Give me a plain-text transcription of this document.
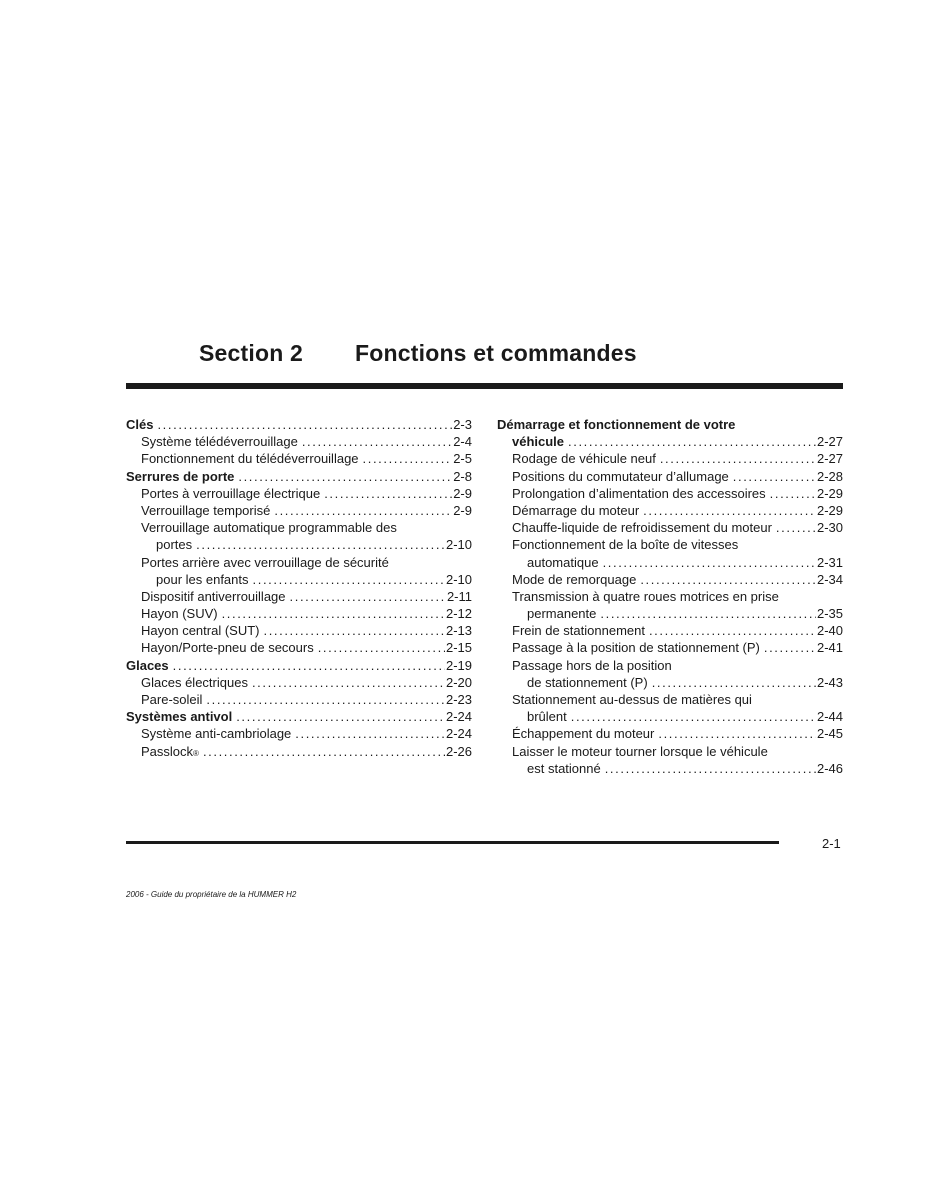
Section 2 Fonctions et commandes
Clés .....	2-3
Système télédéverrouillage .....	2-4
Fonctionnement du télédéverrouillage .....	2-5
Serrures de porte .....	2-8
Portes à verrouillage électrique .....	2-9
Verrouillage temporisé .....	2-9
Verrouillage automatique programmable des
portes .....	2-10
Portes arrière avec verrouillage de sécurité
pour les enfants .....	2-10
Dispositif antiverrouillage .....	2-11
Hayon (SUV) .....	2-12
Hayon central (SUT) .....	2-13
Hayon/Porte-pneu de secours .....	2-15
Glaces .....	2-19
Glaces électriques .....	2-20
Pare-soleil .....	2-23
Systèmes antivol .....	2-24
Système anti-cambriolage .....	2-24
Passlock ® .....	2-26
Démarrage et fonctionnement de votre
véhicule .....	2-27
Rodage de véhicule neuf .....	2-27
Positions du commutateur d’allumage .....	2-28
Prolongation d’alimentation des accessoires .....	2-29
Démarrage du moteur .....	2-29
Chauffe-liquide de refroidissement du moteur .....	2-30
Fonctionnement de la boîte de vitesses
automatique .....	2-31
Mode de remorquage .....	2-34
Transmission à quatre roues motrices en prise
permanente .....	2-35
Frein de stationnement .....	2-40
Passage à la position de stationnement (P) .....	2-41
Passage hors de la position
de stationnement (P) .....	2-43
Stationnement au-dessus de matières qui
brûlent .....	2-44
Échappement du moteur .....	2-45
Laisser le moteur tourner lorsque le véhicule
est stationné .....	2-46
2-1
2006 - Guide du propriétaire de la HUMMER H2
